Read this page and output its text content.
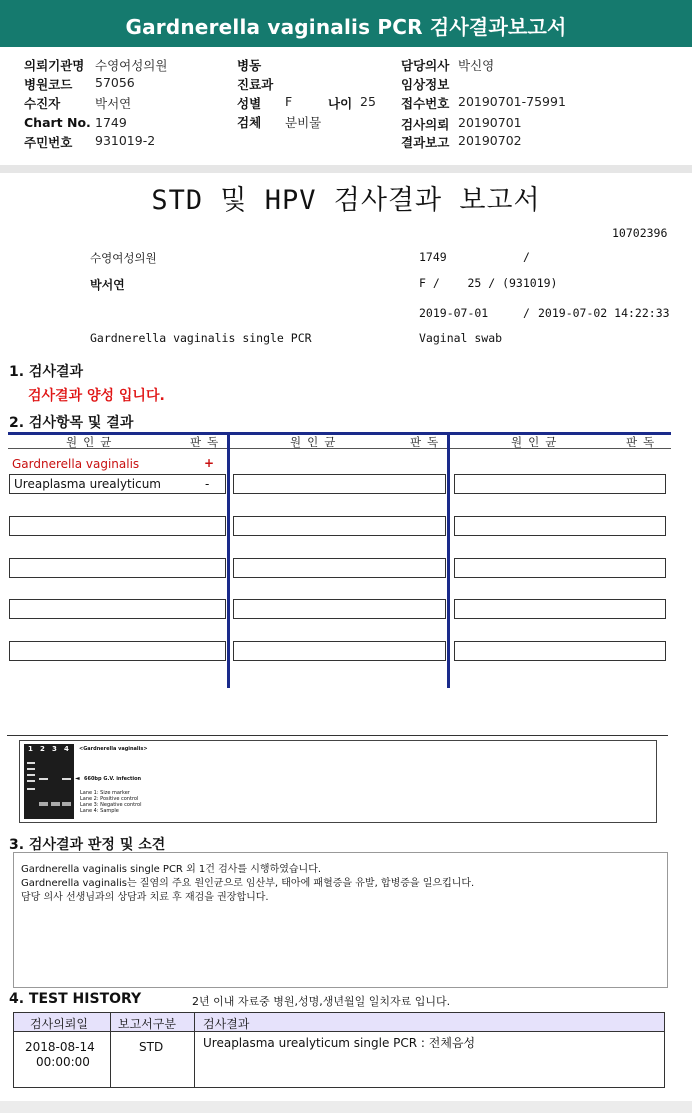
Gardnerella vaginalis PCR 검사결과보고서
의뢰기관명 수영여성의원
병원코드 57056
수진자	박서연
Chart No. 1749
주민번호 931019-2
병동
진료과
성별 F	나이 25
검체 분비물
담당의사 박신영
임상정보
접수번호 20190701-75991
검사의뢰 20190701
결과보고 20190702
STD 및 HPV 검사결과 보고서
10702396
수영여성의원	1749	/
박서연	F /    25 / (931019)
2019-07-01	/ 2019-07-02 14:22:33
Gardnerella vaginalis single PCR	Vaginal swab
1. 검사결과
검사결과 양성 입니다.
2. 검사항목 및 결과
원인균	판독	원인균	판독	원인균	판독
Gardnerella vaginalis	+
Ureaplasma urealyticum	-
1 2 3 4 <Gardnerella vaginalis>
◄ 660bp G.V. infection
Lane 1: Size marker
Lane 2: Positive control
Lane 3: Negative control
Lane 4: Sample
3. 검사결과 판정 및 소견
Gardnerella vaginalis single PCR 외 1건 검사를 시행하였습니다.
Gardnerella vaginalis는 질염의 주요 원인균으로 임산부, 태아에 패혈증을 유발, 합병증을 일으킵니다.
담당 의사 선생님과의 상담과 치료 후 재검을 권장합니다.
4. TEST HISTORY	2년 이내 자료중 병원,성명,생년월일 일치자료 입니다.
검사의뢰일	보고서구분 검사결과
2018-08-14
00:00:00
STD	Ureaplasma urealyticum single PCR : 전체음성
